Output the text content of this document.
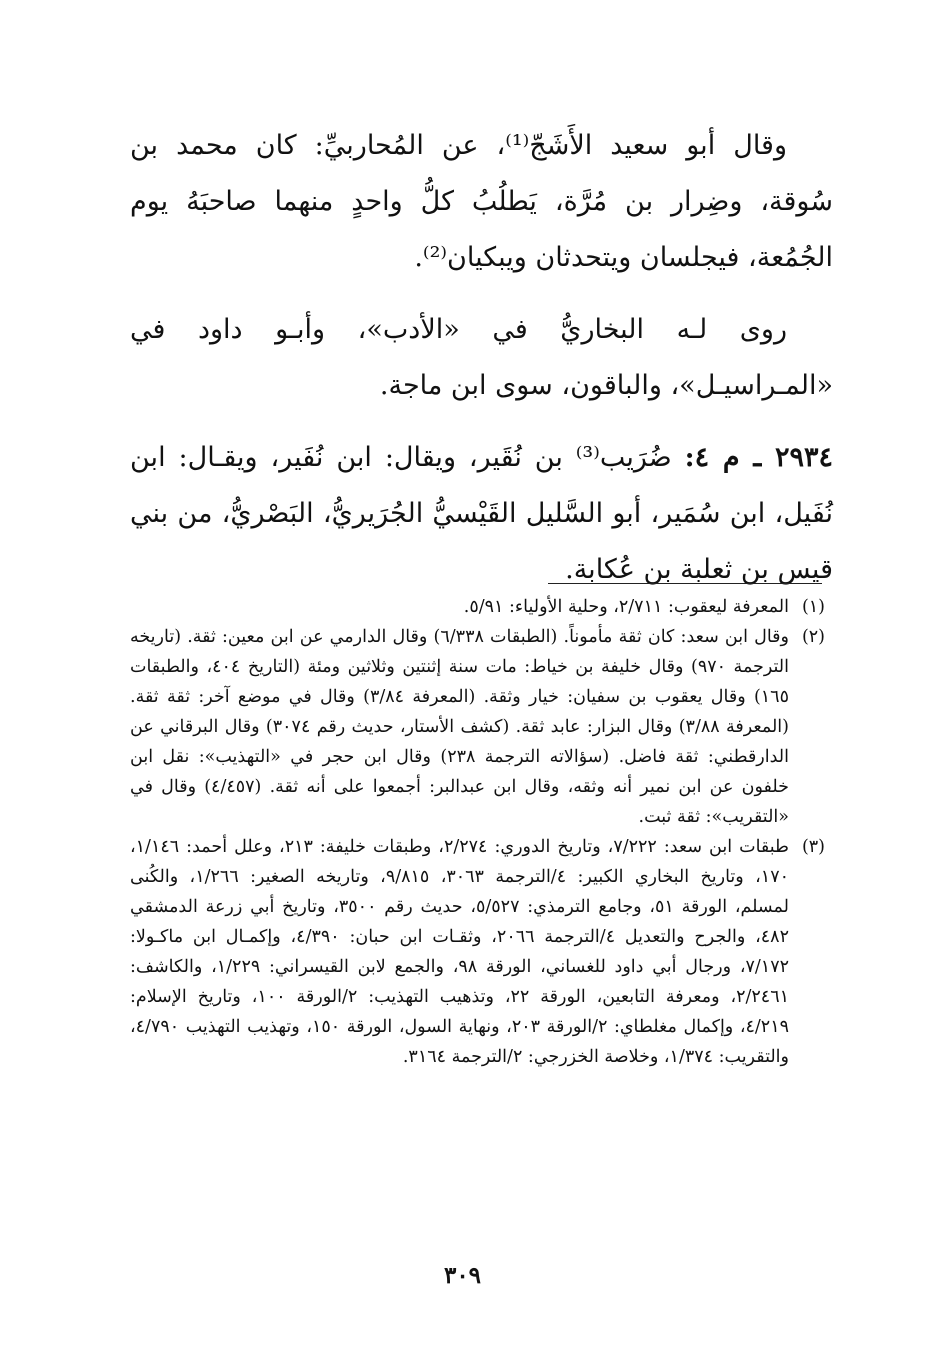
وقال أبو سعيد الأَشَجّ⁽¹⁾، عن المُحاربيِّ: كان محمد بن سُوقة، وضِرار بن مُرَّة، يَطلُبُ كلُّ واحدٍ منهما صاحبَهُ يوم الجُمُعة، فيجلسان ويتحدثان ويبكيان⁽²⁾.

روى لـه البخاريُّ في «الأدب»، وأبـو داود في «المـراسيـل»، والباقون، سوى ابن ماجة.

٢٩٣٤ ـ م ٤: ضُرَيب⁽³⁾ بن نُقَير، ويقال: ابن نُفَير، ويقـال: ابن نُفَيل، ابن سُمَير، أبو السَّليل القَيْسيُّ الجُرَيريُّ، البَصْريُّ، من بني قيس بن ثعلبة بن عُكابة.

(١)

المعرفة ليعقوب: ٢/٧١١، وحلية الأولياء: ٥/٩١.

(٢)

وقال ابن سعد: كان ثقة مأموناً. (الطبقات ٦/٣٣٨) وقال الدارمي عن ابن معين: ثقة. (تاريخه الترجمة ٩٧٠) وقال خليفة بن خياط: مات سنة إثنتين وثلاثين ومئة (التاريخ ٤٠٤، والطبقات ١٦٥) وقال يعقوب بن سفيان: خيار وثقة. (المعرفة ٣/٨٤) وقال في موضع آخر: ثقة ثقة. (المعرفة ٣/٨٨) وقال البزار: عابد ثقة. (كشف الأستار، حديث رقم ٣٠٧٤) وقال البرقاني عن الدارقطني: ثقة فاضل. (سؤالاته الترجمة ٢٣٨) وقال ابن حجر في «التهذيب»: نقل ابن خلفون عن ابن نمير أنه وثقه، وقال ابن عبدالبر: أجمعوا على أنه ثقة. (٤/٤٥٧) وقال في «التقريب»: ثقة ثبت.

(٣)

طبقات ابن سعد: ٧/٢٢٢، وتاريخ الدوري: ٢/٢٧٤، وطبقات خليفة: ٢١٣، وعلل أحمد: ١/١٤٦، ١٧٠، وتاريخ البخاري الكبير: ٤/الترجمة ٣٠٦٣، ٩/٨١٥، وتاريخه الصغير: ١/٢٦٦، والكُنى لمسلم، الورقة ٥١، وجامع الترمذي: ٥/٥٢٧، حديث رقم ٣٥٠٠، وتاريخ أبي زرعة الدمشقي ٤٨٢، والجرح والتعديل ٤/الترجمة ٢٠٦٦، وثقـات ابن حبان: ٤/٣٩٠، وإكمـال ابن ماكـولا: ٧/١٧٢، ورجال أبي داود للغساني، الورقة ٩٨، والجمع لابن القيسراني: ١/٢٢٩، والكاشف: ٢/٢٤٦١، ومعرفة التابعين، الورقة ٢٢، وتذهيب التهذيب: ٢/الورقة ١٠٠، وتاريخ الإسلام: ٤/٢١٩، وإكمال مغلطاي: ٢/الورقة ٢٠٣، ونهاية السول، الورقة ١٥٠، وتهذيب التهذيب ٤/٧٩٠، والتقريب: ١/٣٧٤، وخلاصة الخزرجي: ٢/الترجمة ٣١٦٤.

٣٠٩
